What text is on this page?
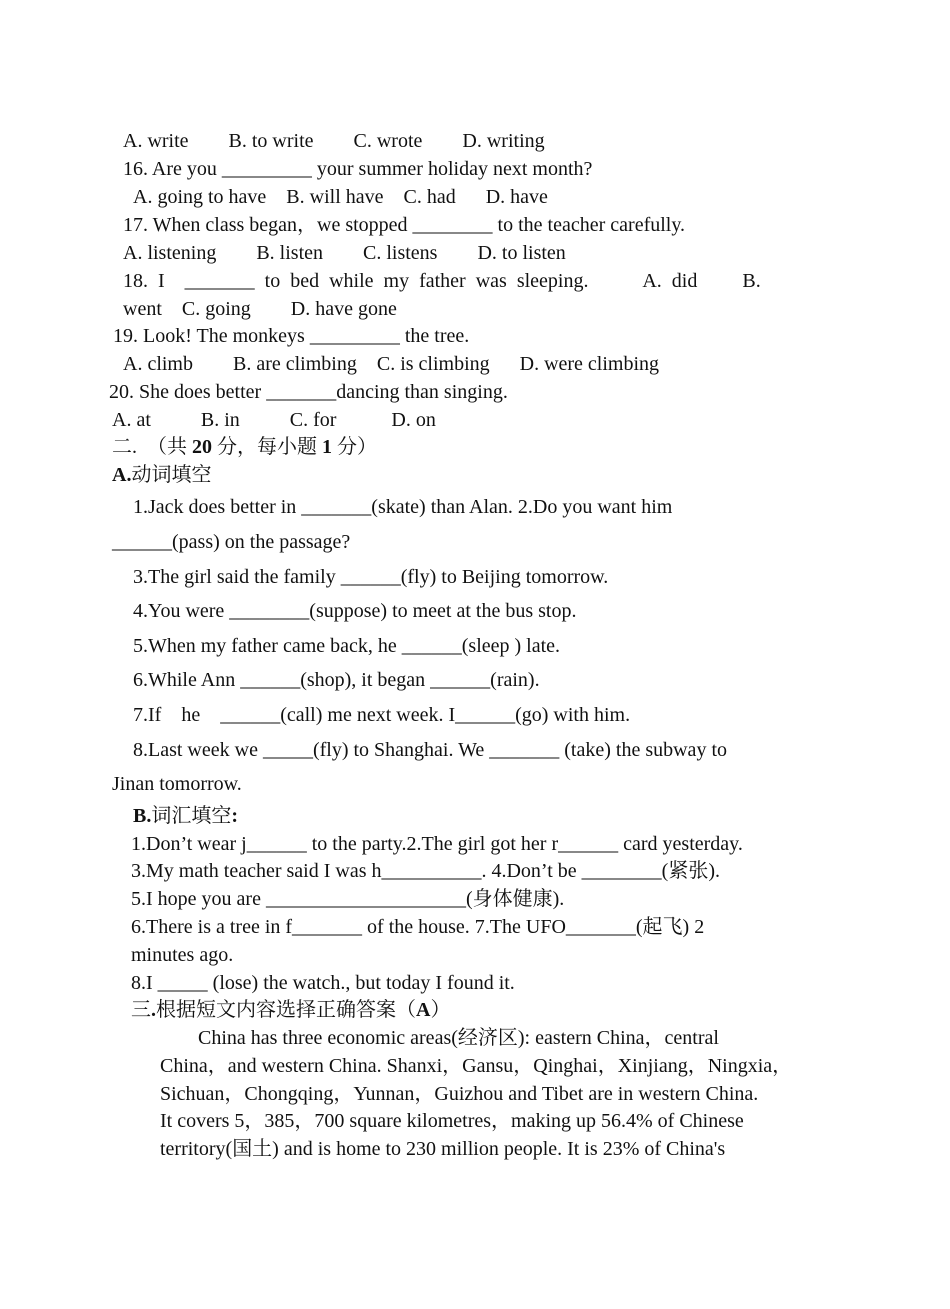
A. write        B. to write        C. wrote        D. writing
16. Are you _________ your summer holiday next month?
A. going to have    B. will have    C. had      D. have
17. When class began，we stopped ________ to the teacher carefully.
A. listening        B. listen        C. listens        D. to listen
18.  I    _______  to  bed  while  my  father  was  sleeping.           A.  did         B.
went    C. going        D. have gone
19. Look! The monkeys _________ the tree.
A. climb        B. are climbing    C. is climbing      D. were climbing
20. She does better _______dancing than singing.
A. at          B. in          C. for           D. on
二.  （共 20 分，每小题 1 分）
A.动词填空
1.Jack does better in _______(skate) than Alan. 2.Do you want him
______(pass) on the passage?
3.The girl said the family ______(fly) to Beijing tomorrow.
4.You were ________(suppose) to meet at the bus stop.
5.When my father came back, he ______(sleep ) late.
6.While Ann ______(shop), it began ______(rain).
7.If    he    ______(call) me next week. I______(go) with him.
8.Last week we _____(fly) to Shanghai. We _______ (take) the subway to
Jinan tomorrow.
B.词汇填空:
1.Don’t wear j______ to the party.2.The girl got her r______ card yesterday.
3.My math teacher said I was h__________. 4.Don’t be ________(紧张).
5.I hope you are ____________________(身体健康).
6.There is a tree in f_______ of the house. 7.The UFO_______(起飞) 2
minutes ago.
8.I _____ (lose) the watch., but today I found it.
三.根据短文内容选择正确答案（A）
China has three economic areas(经济区): eastern China，central
China，and western China. Shanxi，Gansu，Qinghai，Xinjiang，Ningxia，
Sichuan，Chongqing，Yunnan，Guizhou and Tibet are in western China.
It covers 5，385，700 square kilometres，making up 56.4% of Chinese
territory(国土) and is home to 230 million people. It is 23% of China's
